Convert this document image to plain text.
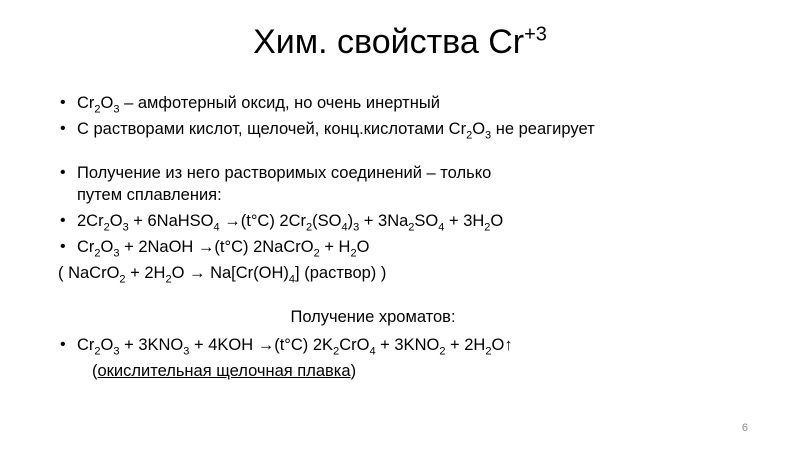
Хим. свойства $Cr^{+3}$
• $Cr_2O_3$ – амфотерный оксид, но очень инертный
• С растворами кислот, щелочей, конц.кислотами $Cr_2O_3$ не реагирует
• Получение из него растворимых соединений – только путем сплавления:
• $2Cr_2O_3$ + 6NaHSO$_4$ →(t°C) $2Cr_2(SO_4)_3 + 3Na_2SO_4 + 3H_2O$
• $Cr_2O_3$ + 2NaOH →(t°C) 2NaCrO$_2$ + $H_2O$
( NaCrO$_2$ + $2H_2O \to Na[Cr(OH)_4]$ (раствор) )
Получение хроматов:
• $Cr_2O_3 + 3KNO_3 + 4KOH \to(t^\circ C) 2K_2CrO_4 + 3KNO_2$ + $2H_2O↑$
(окислительная щелочная плавка)
6
